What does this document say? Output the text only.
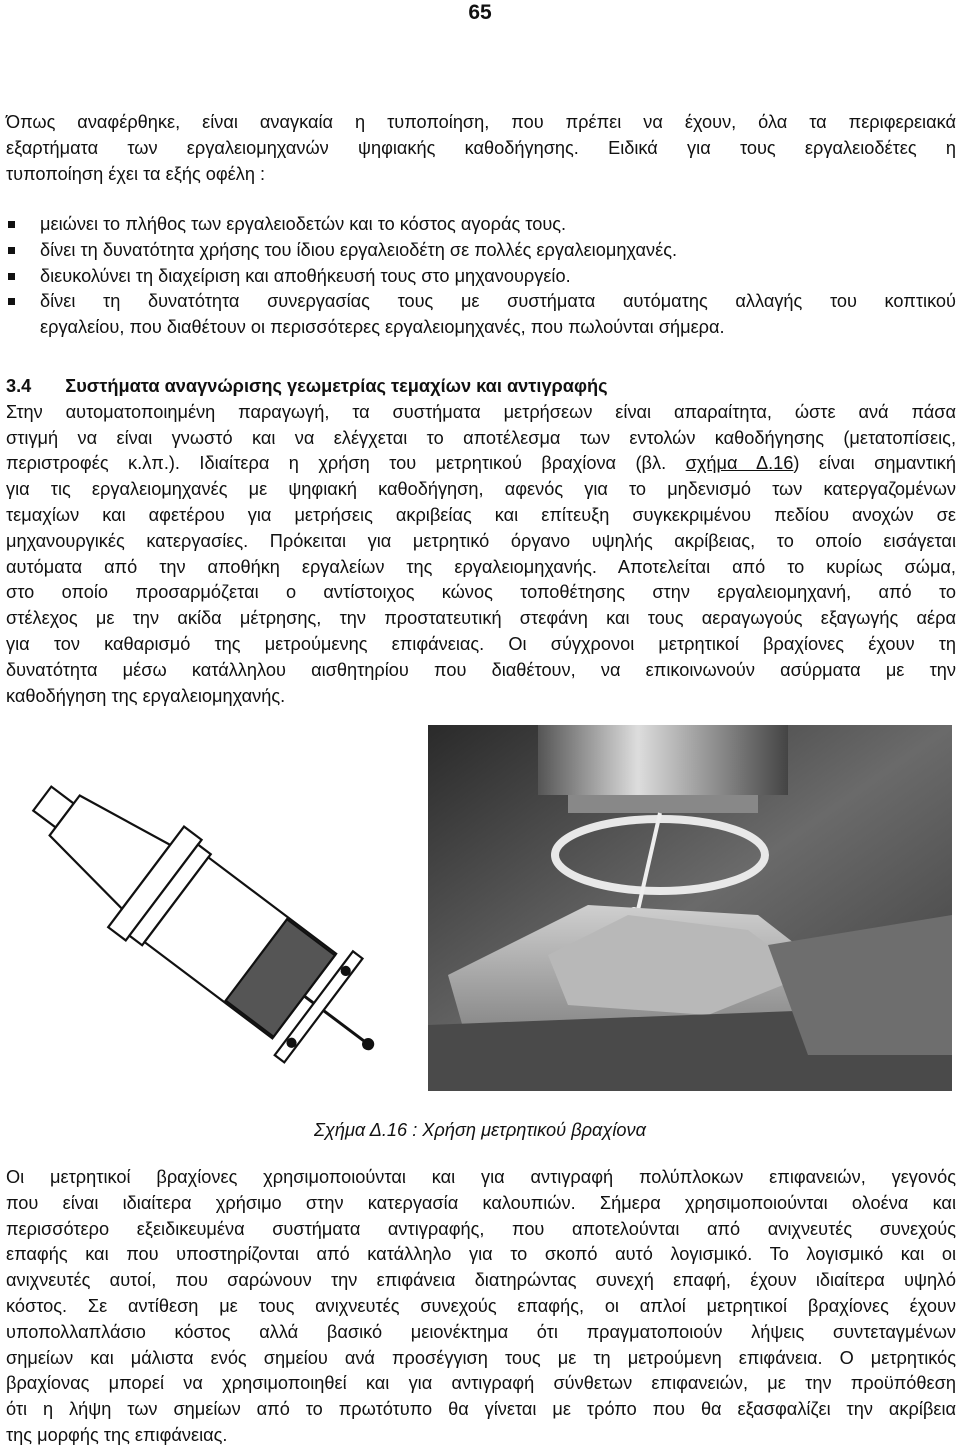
65
Όπως αναφέρθηκε, είναι αναγκαία η τυποποίηση, που πρέπει να έχουν, όλα τα περιφερειακά
εξαρτήματα των εργαλειομηχανών ψηφιακής καθοδήγησης. Ειδικά για τους εργαλειοδέτες η
τυποποίηση έχει τα εξής οφέλη :
μειώνει το πλήθος των εργαλειοδετών και το κόστος αγοράς τους.
δίνει τη δυνατότητα χρήσης του ίδιου εργαλειοδέτη σε πολλές εργαλειομηχανές.
διευκολύνει τη διαχείριση και αποθήκευσή τους στο μηχανουργείο.
δίνει τη δυνατότητα συνεργασίας τους με συστήματα αυτόματης αλλαγής του κοπτικού
εργαλείου, που διαθέτουν οι περισσότερες εργαλειομηχανές, που πωλούνται σήμερα.
3.4 Συστήματα αναγνώρισης γεωμετρίας τεμαχίων και αντιγραφής
Στην αυτοματοποιημένη παραγωγή, τα συστήματα μετρήσεων είναι απαραίτητα, ώστε ανά πάσα
στιγμή να είναι γνωστό και να ελέγχεται το αποτέλεσμα των εντολών καθοδήγησης (μετατοπίσεις,
περιστροφές κ.λπ.). Ιδιαίτερα η χρήση του μετρητικού βραχίονα (βλ. σχήμα Δ.16) είναι σημαντική
για τις εργαλειομηχανές με ψηφιακή καθοδήγηση, αφενός για το μηδενισμό των κατεργαζομένων
τεμαχίων και αφετέρου για μετρήσεις ακριβείας και επίτευξη συγκεκριμένου πεδίου ανοχών σε
μηχανουργικές κατεργασίες. Πρόκειται για μετρητικό όργανο υψηλής ακρίβειας, το οποίο εισάγεται
αυτόματα από την αποθήκη εργαλείων της εργαλειομηχανής. Αποτελείται από το κυρίως σώμα,
στο οποίο προσαρμόζεται ο αντίστοιχος κώνος τοποθέτησης στην εργαλειομηχανή, από το
στέλεχος με την ακίδα μέτρησης, την προστατευτική στεφάνη και τους αεραγωγούς εξαγωγής αέρα
για τον καθαρισμό της μετρούμενης επιφάνειας. Οι σύγχρονοι μετρητικοί βραχίονες έχουν τη
δυνατότητα μέσω κατάλληλου αισθητηρίου που διαθέτουν, να επικοινωνούν ασύρματα με την
καθοδήγηση της εργαλειομηχανής.
Σχήμα Δ.16 : Χρήση μετρητικού βραχίονα
Οι μετρητικοί βραχίονες χρησιμοποιούνται και για αντιγραφή πολύπλοκων επιφανειών, γεγονός
που είναι ιδιαίτερα χρήσιμο στην κατεργασία καλουπιών. Σήμερα χρησιμοποιούνται ολοένα και
περισσότερο εξειδικευμένα συστήματα αντιγραφής, που αποτελούνται από ανιχνευτές συνεχούς
επαφής και που υποστηρίζονται από κατάλληλο για το σκοπό αυτό λογισμικό. Το λογισμικό και οι
ανιχνευτές αυτοί, που σαρώνουν την επιφάνεια διατηρώντας συνεχή επαφή, έχουν ιδιαίτερα υψηλό
κόστος. Σε αντίθεση με τους ανιχνευτές συνεχούς επαφής, οι απλοί μετρητικοί βραχίονες έχουν
υποπολλαπλάσιο κόστος αλλά βασικό μειονέκτημα ότι πραγματοποιούν λήψεις συντεταγμένων
σημείων και μάλιστα ενός σημείου ανά προσέγγιση τους με τη μετρούμενη επιφάνεια. Ο μετρητικός
βραχίονας μπορεί να χρησιμοποιηθεί και για αντιγραφή σύνθετων επιφανειών, με την προϋπόθεση
ότι η λήψη των σημείων από το πρωτότυπο θα γίνεται με τρόπο που θα εξασφαλίζει την ακρίβεια
της μορφής της επιφάνειας.
